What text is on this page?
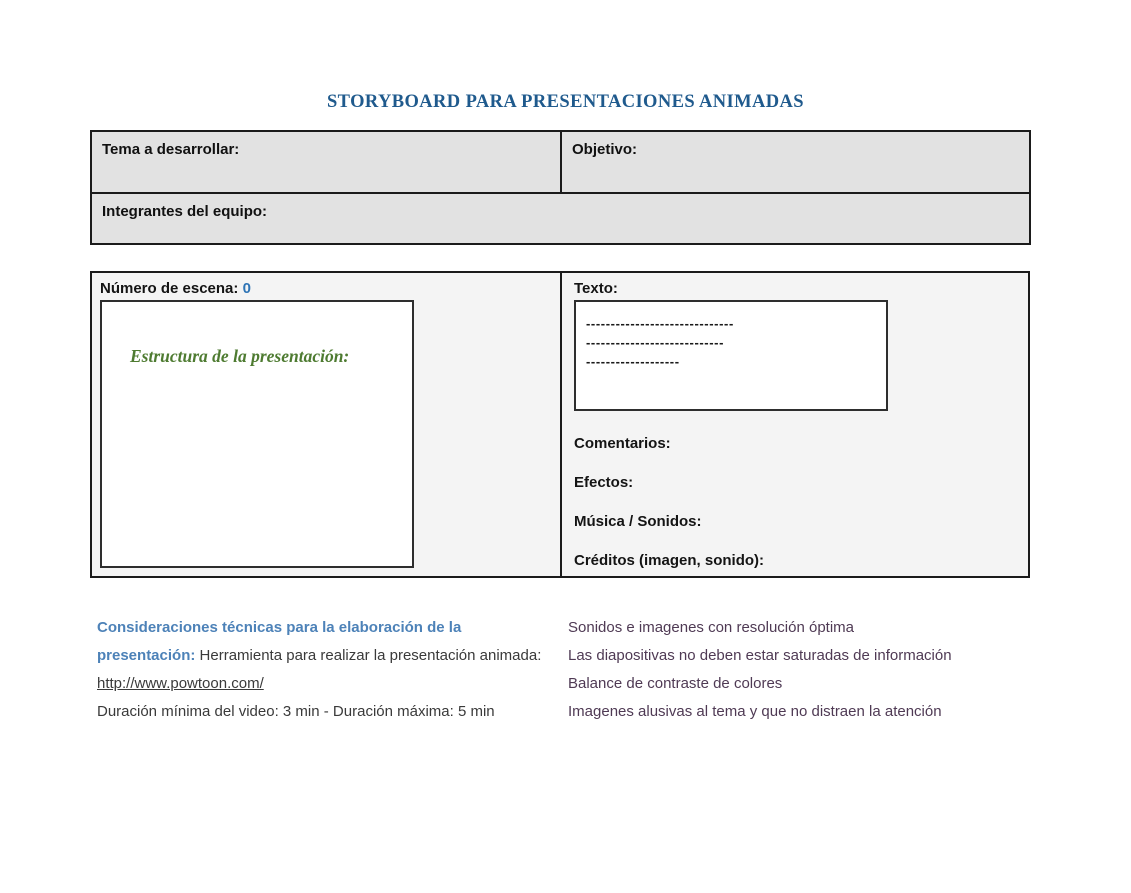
STORYBOARD PARA PRESENTACIONES ANIMADAS
Tema a desarrollar:	Objetivo:
Integrantes del equipo:
Número de escena: 0
Estructura de la presentación:
Texto:
------------------------------
----------------------------
-------------------
Comentarios:
Efectos:
Música / Sonidos:
Créditos (imagen, sonido):

Consideraciones técnicas para la elaboración de la presentación: Herramienta para realizar la presentación animada: http://www.powtoon.com/

Duración mínima del video: 3 min - Duración máxima: 5 min

Sonidos e imagenes con resolución óptima
Las diapositivas no deben estar saturadas de información
Balance de contraste de colores
Imagenes alusivas al tema y que no distraen la atención
